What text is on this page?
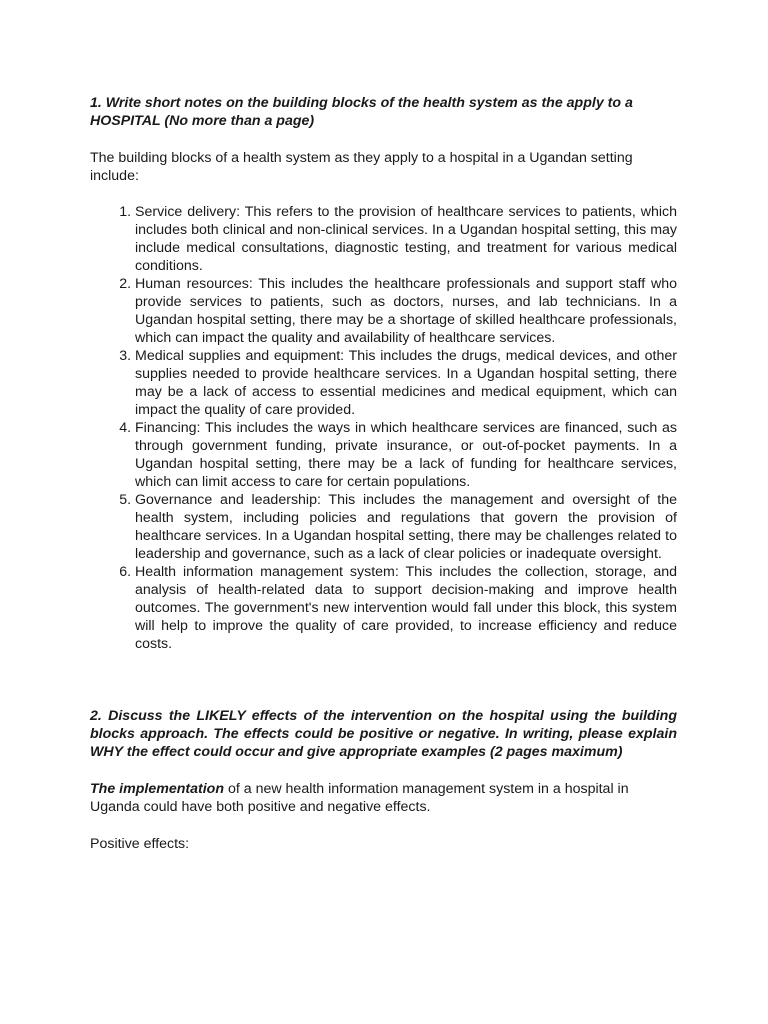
1. Write short notes on the building blocks of the health system as the apply to a HOSPITAL (No more than a page)

The building blocks of a health system as they apply to a hospital in a Ugandan setting include:

1. Service delivery: This refers to the provision of healthcare services to patients, which includes both clinical and non-clinical services. In a Ugandan hospital setting, this may include medical consultations, diagnostic testing, and treatment for various medical conditions.
2. Human resources: This includes the healthcare professionals and support staff who provide services to patients, such as doctors, nurses, and lab technicians. In a Ugandan hospital setting, there may be a shortage of skilled healthcare professionals, which can impact the quality and availability of healthcare services.
3. Medical supplies and equipment: This includes the drugs, medical devices, and other supplies needed to provide healthcare services. In a Ugandan hospital setting, there may be a lack of access to essential medicines and medical equipment, which can impact the quality of care provided.
4. Financing: This includes the ways in which healthcare services are financed, such as through government funding, private insurance, or out-of-pocket payments. In a Ugandan hospital setting, there may be a lack of funding for healthcare services, which can limit access to care for certain populations.
5. Governance and leadership: This includes the management and oversight of the health system, including policies and regulations that govern the provision of healthcare services. In a Ugandan hospital setting, there may be challenges related to leadership and governance, such as a lack of clear policies or inadequate oversight.
6. Health information management system: This includes the collection, storage, and analysis of health-related data to support decision-making and improve health outcomes. The government's new intervention would fall under this block, this system will help to improve the quality of care provided, to increase efficiency and reduce costs.

2. Discuss the LIKELY effects of the intervention on the hospital using the building blocks approach. The effects could be positive or negative. In writing, please explain WHY the effect could occur and give appropriate examples (2 pages maximum)

The implementation of a new health information management system in a hospital in Uganda could have both positive and negative effects.

Positive effects:
